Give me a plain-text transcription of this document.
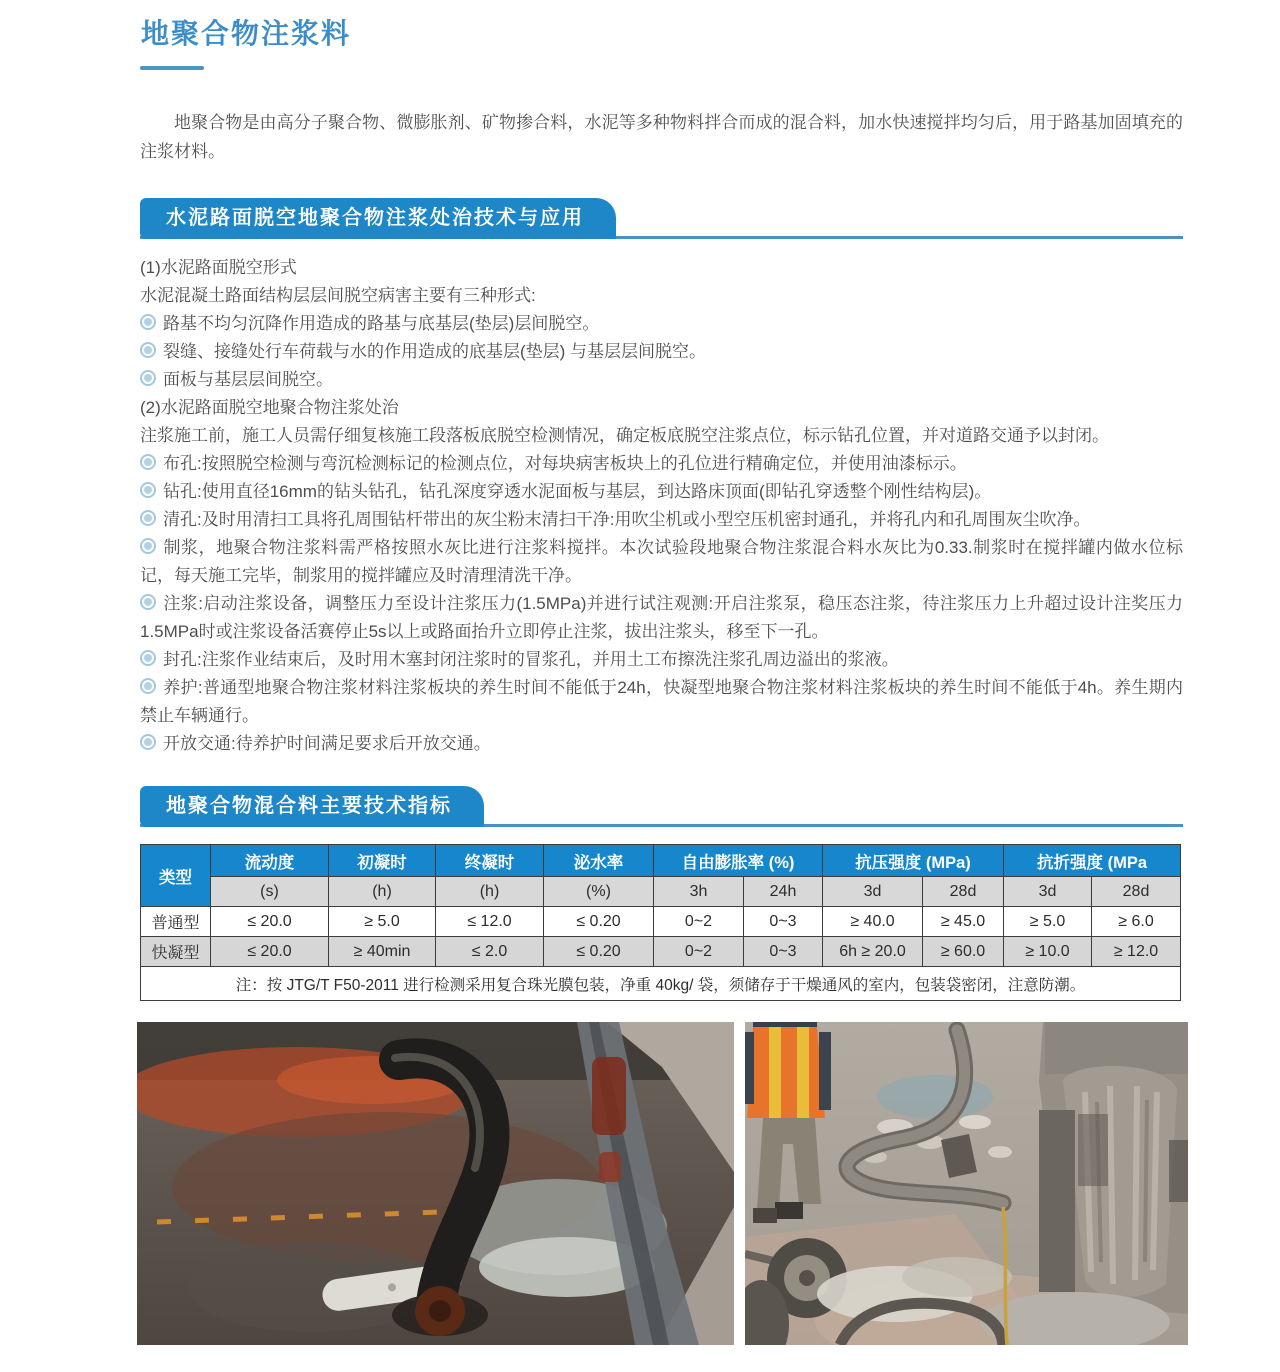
地聚合物注浆料
地聚合物是由高分子聚合物、微膨胀剂、矿物掺合料，水泥等多种物料拌合而成的混合料，加水快速搅拌均匀后，用于路基加固填充的注浆材料。
水泥路面脱空地聚合物注浆处治技术与应用
(1)水泥路面脱空形式
水泥混凝土路面结构层层间脱空病害主要有三种形式:
路基不均匀沉降作用造成的路基与底基层(垫层)层间脱空。
裂缝、接缝处行车荷载与水的作用造成的底基层(垫层) 与基层层间脱空。
面板与基层层间脱空。
(2)水泥路面脱空地聚合物注浆处治
注浆施工前，施工人员需仔细复核施工段落板底脱空检测情况，确定板底脱空注浆点位，标示钻孔位置，并对道路交通予以封闭。
布孔:按照脱空检测与弯沉检测标记的检测点位，对每块病害板块上的孔位进行精确定位，并使用油漆标示。
钻孔:使用直径16mm的钻头钻孔，钻孔深度穿透水泥面板与基层，到达路床顶面(即钻孔穿透整个刚性结构层)。
清孔:及时用清扫工具将孔周围钻杆带出的灰尘粉末清扫干净:用吹尘机或小型空压机密封通孔，并将孔内和孔周围灰尘吹净。
制浆，地聚合物注浆料需严格按照水灰比进行注浆料搅拌。本次试验段地聚合物注浆混合料水灰比为0.33.制浆时在搅拌罐内做水位标记，每天施工完毕，制浆用的搅拌罐应及时清理清洗干净。
注浆:启动注浆设备，调整压力至设计注浆压力(1.5MPa)并进行试注观测:开启注浆泵，稳压态注浆，待注浆压力上升超过设计注奖压力1.5MPa时或注浆设备活赛停止5s以上或路面抬升立即停止注浆，拔出注浆头，移至下一孔。
封孔:注浆作业结束后，及时用木塞封闭注浆时的冒浆孔，并用土工布擦洗注浆孔周边溢出的浆液。
养护:普通型地聚合物注浆材料注浆板块的养生时间不能低于24h，快凝型地聚合物注浆材料注浆板块的养生时间不能低于4h。养生期内禁止车辆通行。
开放交通:待养护时间满足要求后开放交通。
地聚合物混合料主要技术指标
类型	流动度	初凝时	终凝时	泌水率	自由膨胀率 (%)		抗压强度 (MPa)		抗折强度 (MPa	
	(s)	(h)	(h)	(%)	3h	24h	3d	28d	3d	28d
普通型	≤ 20.0	≥ 5.0	≤ 12.0	≤ 0.20	0~2	0~3	≥ 40.0	≥ 45.0	≥ 5.0	≥ 6.0
快凝型	≤ 20.0	≥ 40min	≤ 2.0	≤ 0.20	0~2	0~3	6h ≥ 20.0	≥ 60.0	≥ 10.0	≥ 12.0
注：按 JTG/T F50-2011 进行检测采用复合珠光膜包装，净重 40kg/ 袋，须储存于干燥通风的室内，包装袋密闭，注意防潮。										
